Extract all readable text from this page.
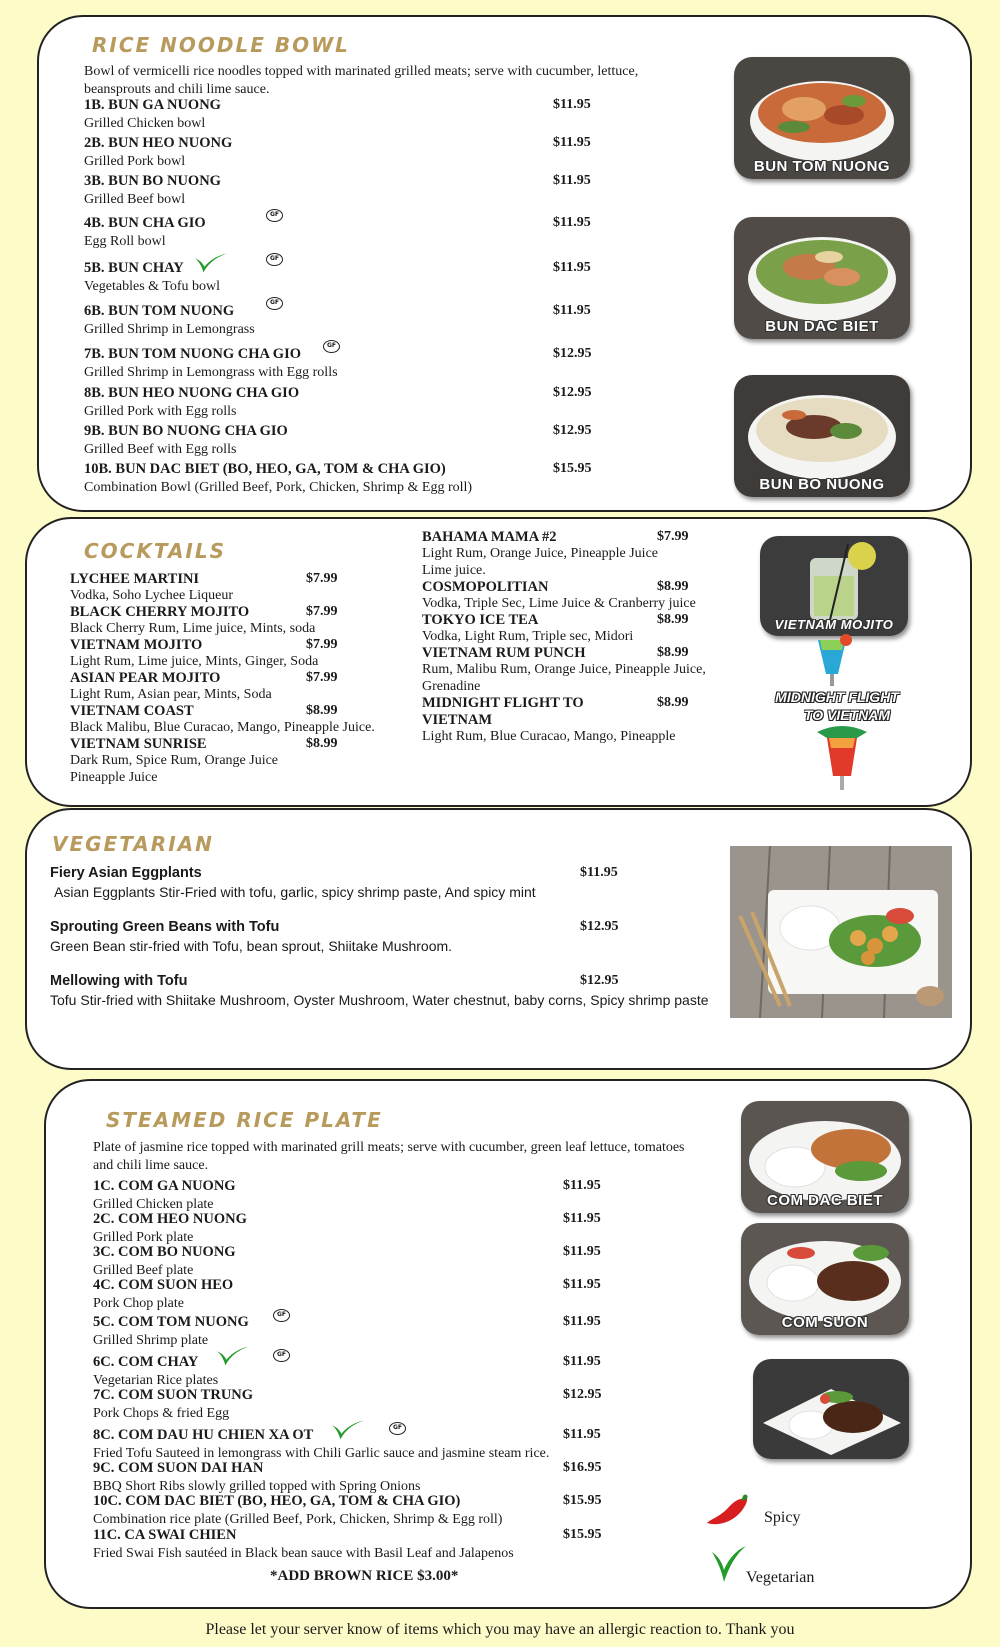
RICE NOODLE BOWL
Bowl of vermicelli rice noodles topped with marinated grilled meats; serve with cucumber, lettuce, beansprouts and chili lime sauce.
1B. BUN GA NUONG	$11.95
Grilled Chicken bowl
2B. BUN HEO NUONG	$11.95
Grilled Pork bowl
3B. BUN BO NUONG	$11.95
Grilled Beef bowl
4B. BUN CHA GIO	$11.95
Egg Roll bowl
GF
5B. BUN CHAY	$11.95
Vegetables & Tofu bowl
GF
6B. BUN TOM NUONG	$11.95
Grilled Shrimp in Lemongrass
GF
7B. BUN TOM NUONG CHA GIO	$12.95
Grilled Shrimp in Lemongrass with Egg rolls
GF
8B. BUN HEO NUONG CHA GIO	$12.95
Grilled Pork with Egg rolls
9B. BUN BO NUONG CHA GIO	$12.95
Grilled Beef with Egg rolls
10B. BUN DAC BIET (BO, HEO, GA, TOM & CHA GIO)	$15.95
Combination Bowl (Grilled Beef, Pork, Chicken, Shrimp & Egg roll)
BUN TOM NUONG
BUN DAC BIET
BUN BO NUONG
COCKTAILS
LYCHEE MARTINI	$7.99
Vodka, Soho Lychee Liqueur
BLACK CHERRY MOJITO	$7.99
Black Cherry Rum, Lime juice, Mints, soda
VIETNAM MOJITO	$7.99
Light Rum, Lime juice, Mints, Ginger, Soda
ASIAN PEAR MOJITO	$7.99
Light Rum, Asian pear, Mints, Soda
VIETNAM COAST	$8.99
Black Malibu, Blue Curacao, Mango, Pineapple Juice.
VIETNAM SUNRISE	$8.99
Dark Rum, Spice Rum, Orange Juice
Pineapple Juice
BAHAMA MAMA #2	$7.99
Light Rum, Orange Juice, Pineapple Juice
Lime juice.
COSMOPOLITIAN	$8.99
Vodka, Triple Sec, Lime Juice & Cranberry juice
TOKYO ICE TEA	$8.99
Vodka, Light Rum, Triple sec, Midori
VIETNAM RUM PUNCH	$8.99
Rum, Malibu Rum, Orange Juice, Pineapple Juice,
Grenadine
MIDNIGHT FLIGHT TO	$8.99
VIETNAM
Light Rum, Blue Curacao, Mango, Pineapple
VIETNAM MOJITO
MIDNIGHT FLIGHT
TO VIETNAM
VEGETARIAN
Fiery Asian Eggplants	$11.95
Asian Eggplants Stir-Fried with tofu, garlic, spicy shrimp paste, And spicy mint
Sprouting Green Beans with Tofu	$12.95
Green Bean stir-fried with Tofu, bean sprout, Shiitake Mushroom.
Mellowing with Tofu	$12.95
Tofu Stir-fried with Shiitake Mushroom, Oyster Mushroom, Water chestnut, baby corns, Spicy shrimp paste
STEAMED RICE PLATE
Plate of jasmine rice topped with marinated grill meats; serve with cucumber, green leaf lettuce, tomatoes and chili lime sauce.
1C. COM GA NUONG	$11.95
Grilled Chicken plate
2C. COM HEO NUONG	$11.95
Grilled Pork plate
3C. COM BO NUONG	$11.95
Grilled Beef plate
4C. COM SUON HEO	$11.95
Pork Chop plate
5C. COM TOM NUONG	$11.95
Grilled Shrimp plate
GF
6C. COM CHAY	$11.95
Vegetarian Rice plates
GF
7C. COM SUON TRUNG	$12.95
Pork Chops & fried Egg
8C. COM DAU HU CHIEN XA OT	$11.95
Fried Tofu Sauteed in lemongrass with Chili Garlic sauce and jasmine steam rice.
GF
9C. COM SUON DAI HAN	$16.95
BBQ Short Ribs slowly grilled topped with Spring Onions
10C. COM DAC BIET (BO, HEO, GA, TOM & CHA GIO)	$15.95
Combination rice plate (Grilled Beef, Pork, Chicken, Shrimp & Egg roll)
11C. CA SWAI CHIEN	$15.95
Fried Swai Fish sautéed in Black bean sauce with Basil Leaf and Jalapenos
*ADD BROWN RICE $3.00*
COM DAC BIET
COM SUON
Spicy
Vegetarian
Please let your server know of items which you may have an allergic reaction to. Thank you
